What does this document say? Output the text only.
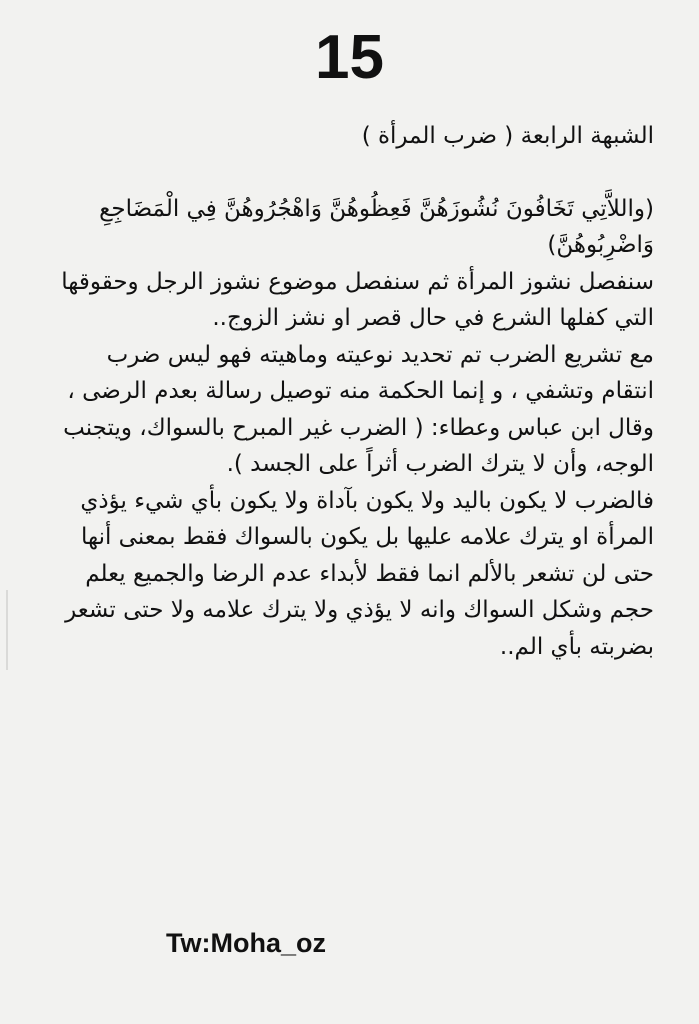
15

الشبهة الرابعة ( ضرب المرأة )

(واللاَّتِي تَخَافُونَ نُشُوزَهُنَّ فَعِظُوهُنَّ وَاهْجُرُوهُنَّ فِي الْمَضَاجِعِ وَاضْرِبُوهُنَّ)

سنفصل نشوز المرأة ثم سنفصل موضوع نشوز الرجل وحقوقها التي كفلها الشرع في حال قصر او نشز الزوج..

مع تشريع الضرب تم تحديد نوعيته وماهيته فهو ليس ضرب انتقام وتشفي ، و إنما الحكمة منه توصيل رسالة بعدم الرضى ، وقال ابن عباس وعطاء: ( الضرب غير المبرح بالسواك، ويتجنب الوجه، وأن لا يترك الضرب أثراً على الجسد ).

فالضرب لا يكون باليد ولا يكون بآداة ولا يكون بأي شيء يؤذي المرأة او يترك علامه عليها بل يكون بالسواك فقط بمعنى أنها حتى لن تشعر بالألم انما فقط لأبداء عدم الرضا والجميع يعلم حجم وشكل السواك وانه لا يؤذي ولا يترك علامه ولا حتى تشعر بضربته بأي الم..

Tw:Moha_oz
